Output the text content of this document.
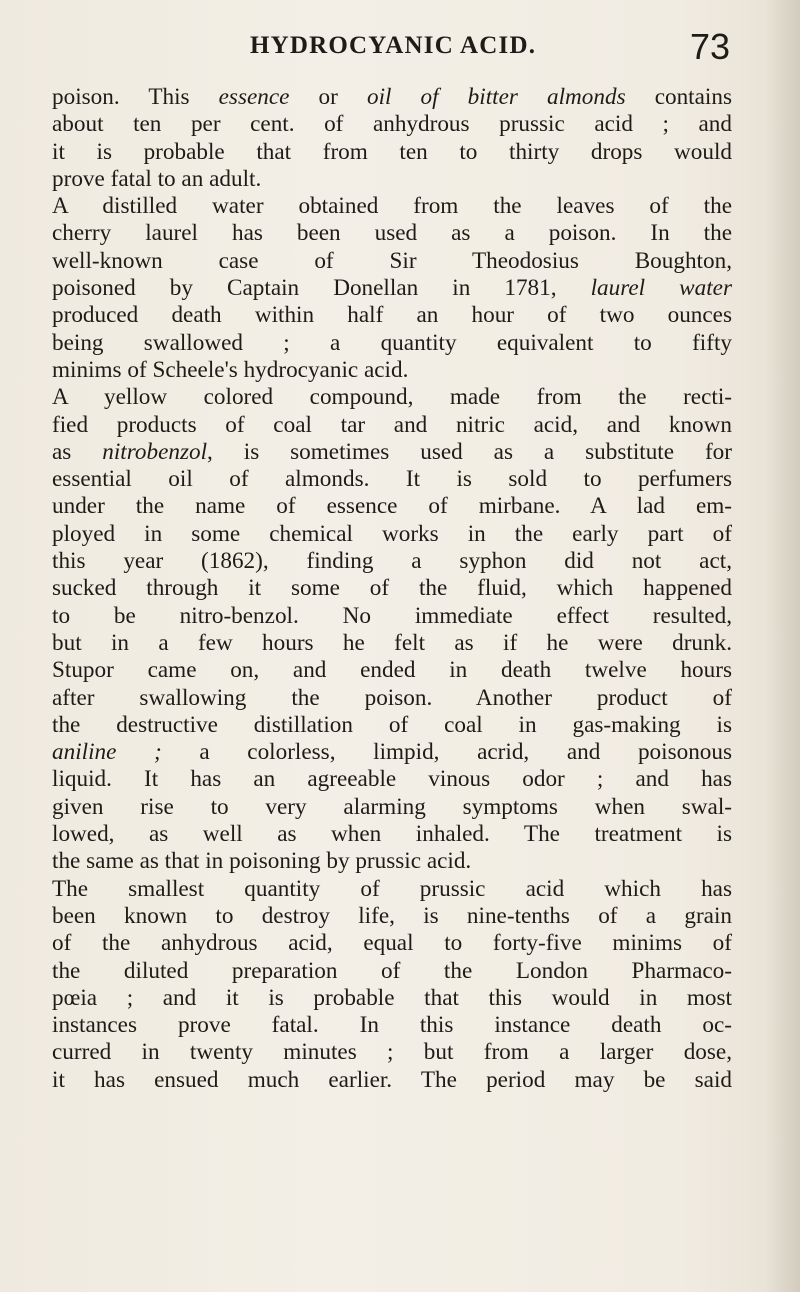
HYDROCYANIC ACID.	73
poison. This essence or oil of bitter almonds contains
about ten per cent. of anhydrous prussic acid ; and
it is probable that from ten to thirty drops would
prove fatal to an adult.
A distilled water obtained from the leaves of the
cherry laurel has been used as a poison. In the
well-known case of Sir Theodosius Boughton,
poisoned by Captain Donellan in 1781, laurel water
produced death within half an hour of two ounces
being swallowed ; a quantity equivalent to fifty
minims of Scheele's hydrocyanic acid.
A yellow colored compound, made from the recti-
fied products of coal tar and nitric acid, and known
as nitrobenzol, is sometimes used as a substitute for
essential oil of almonds. It is sold to perfumers
under the name of essence of mirbane. A lad em-
ployed in some chemical works in the early part of
this year (1862), finding a syphon did not act,
sucked through it some of the fluid, which happened
to be nitro-benzol. No immediate effect resulted,
but in a few hours he felt as if he were drunk.
Stupor came on, and ended in death twelve hours
after swallowing the poison. Another product of
the destructive distillation of coal in gas-making is
aniline ; a colorless, limpid, acrid, and poisonous
liquid. It has an agreeable vinous odor ; and has
given rise to very alarming symptoms when swal-
lowed, as well as when inhaled. The treatment is
the same as that in poisoning by prussic acid.
The smallest quantity of prussic acid which has
been known to destroy life, is nine-tenths of a grain
of the anhydrous acid, equal to forty-five minims of
the diluted preparation of the London Pharmaco-
pœia ; and it is probable that this would in most
instances prove fatal. In this instance death oc-
curred in twenty minutes ; but from a larger dose,
it has ensued much earlier. The period may be said
